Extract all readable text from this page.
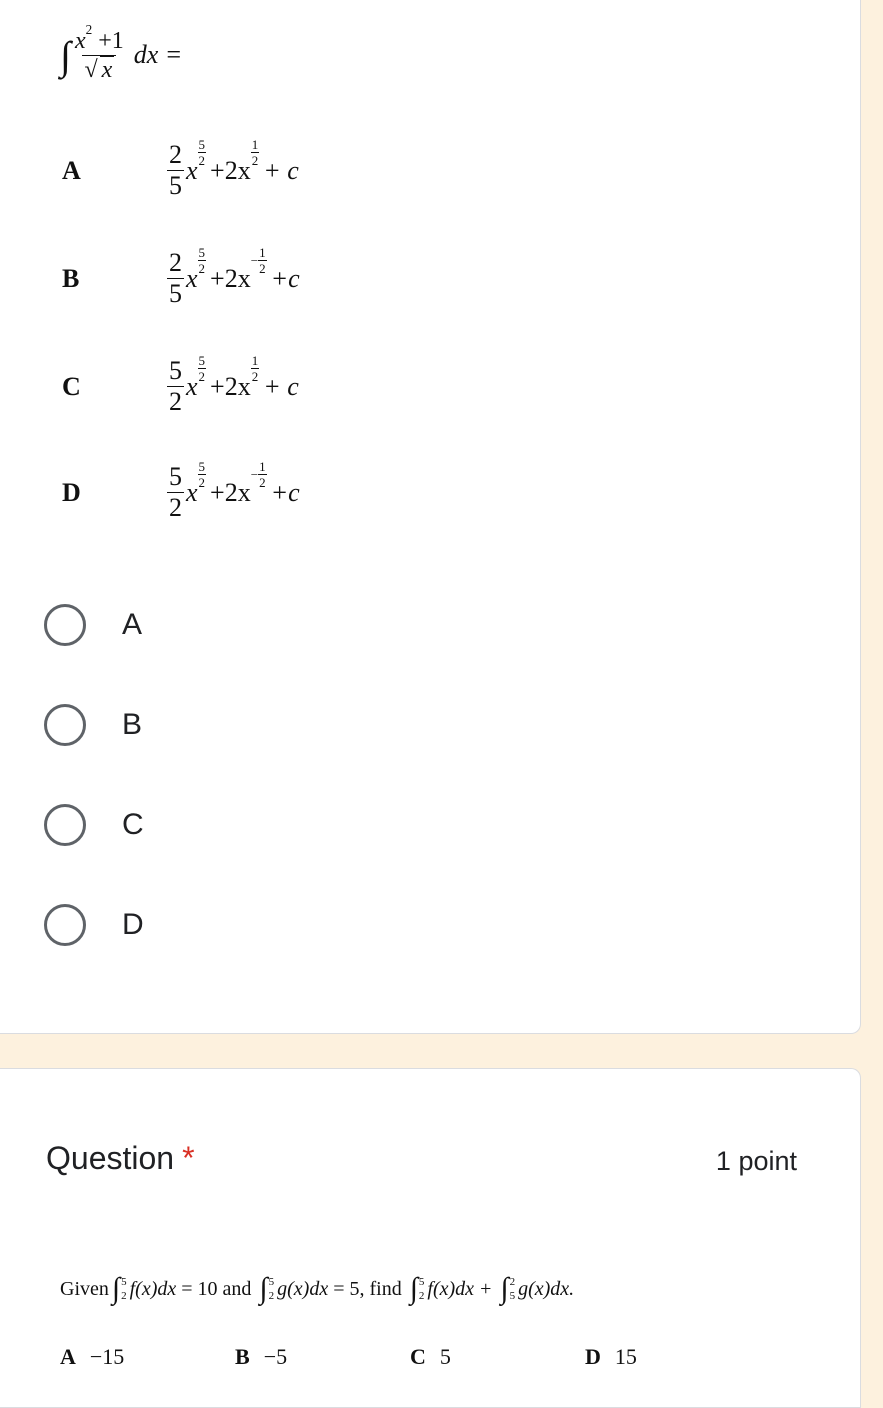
∫ $\frac{x^2 +1}{√ x}$ dx =
A	$\frac{2}{5}$ x
5
2 +2x
1
2 + c
B	$\frac{2}{5}$ x
5
2 +2x
− $\frac{1}{2}$
+c
C	$\frac{5}{2}$ x
5
2 +2x
1
2 + c
D	$\frac{5}{2}$ x
5
2 +2x
− $\frac{1}{2}$
+c
A
B
C
D
Question *	1 point
Given ∫ 5
2 f(x)dx = 10 and ∫ 5
2 g(x)dx = 5, find ∫ 5
2 f(x)dx + ∫ 2
5 g(x)dx.
A −15	B −5	C 5	D 15
